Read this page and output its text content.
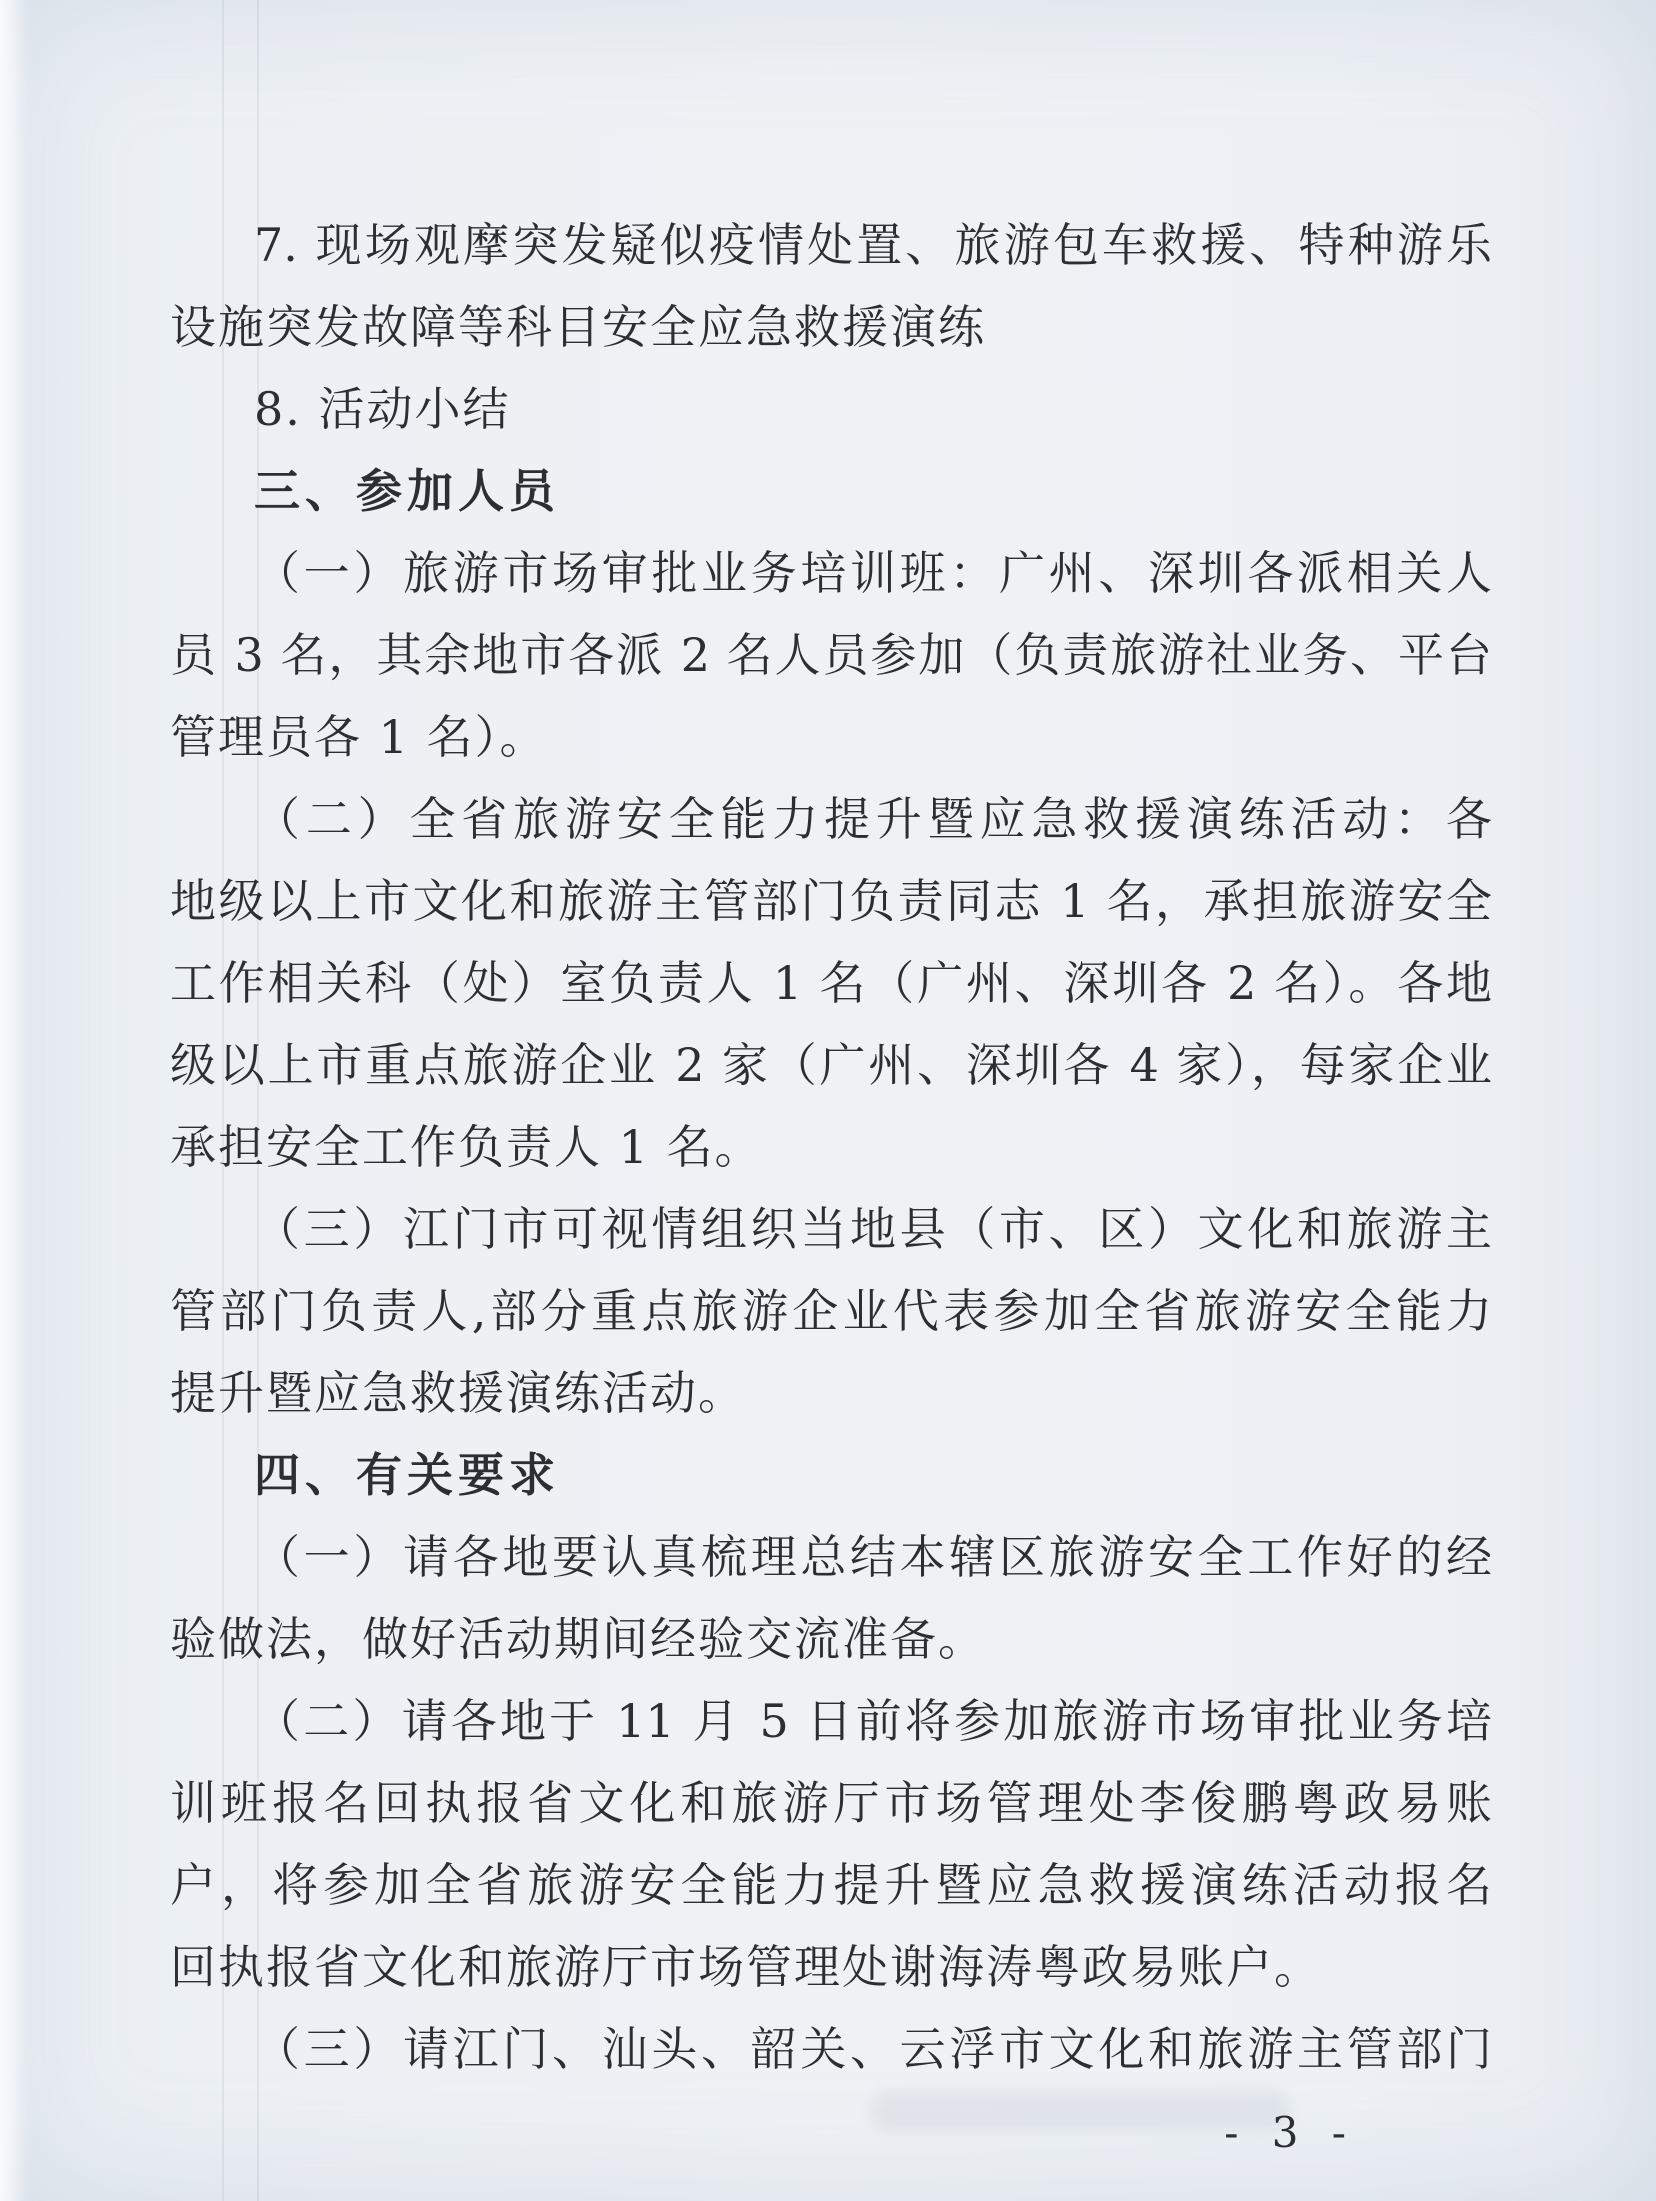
7. 现场观摩突发疑似疫情处置、旅游包车救援、特种游乐
设施突发故障等科目安全应急救援演练
8. 活动小结
三、参加人员
（一）旅游市场审批业务培训班：广州、深圳各派相关人
员 3 名，其余地市各派 2 名人员参加（负责旅游社业务、平台
管理员各 1 名）。
（二）全省旅游安全能力提升暨应急救援演练活动：各
地级以上市文化和旅游主管部门负责同志 1 名，承担旅游安全
工作相关科（处）室负责人 1 名（广州、深圳各 2 名）。各地
级以上市重点旅游企业 2 家（广州、深圳各 4 家），每家企业
承担安全工作负责人 1 名。
（三）江门市可视情组织当地县（市、区）文化和旅游主
管部门负责人,部分重点旅游企业代表参加全省旅游安全能力
提升暨应急救援演练活动。
四、有关要求
（一）请各地要认真梳理总结本辖区旅游安全工作好的经
验做法，做好活动期间经验交流准备。
（二）请各地于 11 月 5 日前将参加旅游市场审批业务培
训班报名回执报省文化和旅游厅市场管理处李俊鹏粤政易账
户，将参加全省旅游安全能力提升暨应急救援演练活动报名
回执报省文化和旅游厅市场管理处谢海涛粤政易账户。
（三）请江门、汕头、韶关、云浮市文化和旅游主管部门
- 3 -
